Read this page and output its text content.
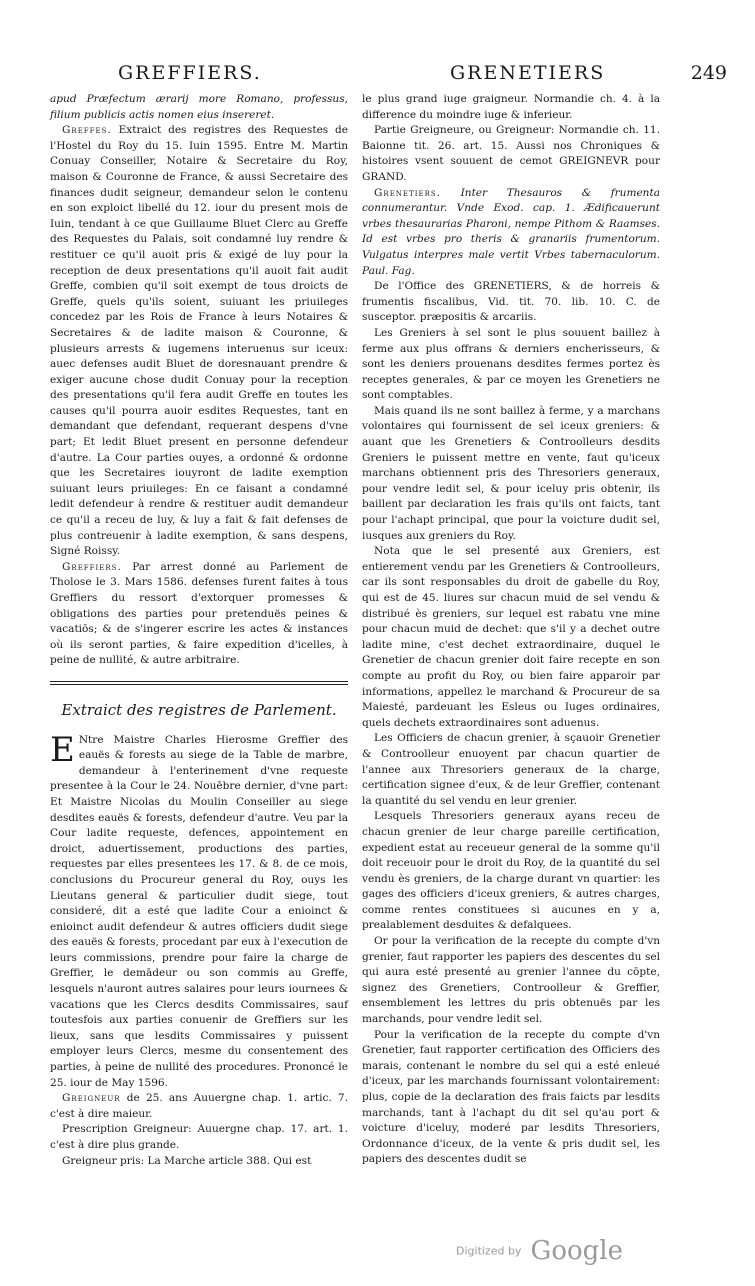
GREFFIERS.	GRENETIERS	249

apud Præfectum ærarij more Romano, professus, filium publicis actis nomen eius insereret.

Greffes. Extraict des registres des Requestes de l'Hostel du Roy du 15. Iuin 1595. Entre M. Martin Conuay Conseiller, Notaire & Secretaire du Roy, maison & Couronne de France, & aussi Secretaire des finances dudit seigneur, demandeur selon le contenu en son exploict libellé du 12. iour du present mois de Iuin, tendant à ce que Guillaume Bluet Clerc au Greffe des Requestes du Palais, soit condamné luy rendre & restituer ce qu'il auoit pris & exigé de luy pour la reception de deux presentations qu'il auoit fait audit Greffe, combien qu'il soit exempt de tous droicts de Greffe, quels qu'ils soient, suiuant les priuileges concedez par les Rois de France à leurs Notaires & Secretaires & de ladite maison & Couronne, & plusieurs arrests & iugemens interuenus sur iceux: auec defenses audit Bluet de doresnauant prendre & exiger aucune chose dudit Conuay pour la reception des presentations qu'il fera audit Greffe en toutes les causes qu'il pourra auoir esdites Requestes, tant en demandant que defendant, requerant despens d'vne part; Et ledit Bluet present en personne defendeur d'autre. La Cour parties ouyes, a ordonné & ordonne que les Secretaires iouyront de ladite exemption suiuant leurs priuileges: En ce faisant a condamné ledit defendeur à rendre & restituer audit demandeur ce qu'il a receu de luy, & luy a fait & fait defenses de plus contreuenir à ladite exemption, & sans despens, Signé Roissy.

Greffiers. Par arrest donné au Parlement de Tholose le 3. Mars 1586. defenses furent faites à tous Greffiers du ressort d'extorquer promesses & obligations des parties pour pretenduës peines & vacatiōs; & de s'ingerer escrire les actes & instances où ils seront parties, & faire expedition d'icelles, à peine de nullité, & autre arbitraire.

Extraict des registres de Parlement.

E Ntre Maistre Charles Hierosme Greffier des eauës & forests au siege de la Table de marbre, demandeur à l'enterinement d'vne requeste presentee à la Cour le 24. Nouēbre dernier, d'vne part: Et Maistre Nicolas du Moulin Conseiller au siege desdites eauës & forests, defendeur d'autre. Veu par la Cour ladite requeste, defences, appointement en droict, aduertissement, productions des parties, requestes par elles presentees les 17. & 8. de ce mois, conclusions du Procureur general du Roy, ouys les Lieutans general & particulier dudit siege, tout consideré, dit a esté que ladite Cour a enioinct & enioinct audit defendeur & autres officiers dudit siege des eauës & forests, procedant par eux à l'execution de leurs commissions, prendre pour faire la charge de Greffier, le demādeur ou son commis au Greffe, lesquels n'auront autres salaires pour leurs iournees & vacations que les Clercs desdits Commissaires, sauf toutesfois aux parties conuenir de Greffiers sur les lieux, sans que lesdits Commissaires y puissent employer leurs Clercs, mesme du consentement des parties, à peine de nullité des procedures. Prononcé le 25. iour de May 1596.

Greigneur de 25. ans Auuergne chap. 1. artic. 7. c'est à dire maieur.

Prescription Greigneur: Auuergne chap. 17. art. 1. c'est à dire plus grande.

Greigneur pris: La Marche article 388. Qui est

le plus grand iuge graigneur. Normandie ch. 4. à la difference du moindre iuge & inferieur.

Partie Greigneure, ou Greigneur: Normandie ch. 11. Baionne tit. 26. art. 15. Aussi nos Chroniques & histoires vsent souuent de cemot GREIGNEVR pour GRAND.

Grenetiers. Inter Thesauros & frumenta connumerantur. Vnde Exod. cap. 1. Ædificauerunt vrbes thesaurarias Pharoni, nempe Pithom & Raamses. Id est vrbes pro theris & granariis frumentorum. Vulgatus interpres male vertit Vrbes tabernaculorum. Paul. Fag.

De l'Office des GRENETIERS, & de horreis & frumentis fiscalibus, Vid. tit. 70. lib. 10. C. de susceptor. præpositis & arcariis.

Les Greniers à sel sont le plus souuent baillez à ferme aux plus offrans & derniers encherisseurs, & sont les deniers prouenans desdites fermes portez ès receptes generales, & par ce moyen les Grenetiers ne sont comptables.

Mais quand ils ne sont baillez à ferme, y a marchans volontaires qui fournissent de sel iceux greniers: & auant que les Grenetiers & Controolleurs desdits Greniers le puissent mettre en vente, faut qu'iceux marchans obtiennent pris des Thresoriers generaux, pour vendre ledit sel, & pour iceluy pris obtenir, ils baillent par declaration les frais qu'ils ont faicts, tant pour l'achapt principal, que pour la voicture dudit sel, iusques aux greniers du Roy.

Nota que le sel presenté aux Greniers, est entierement vendu par les Grenetiers & Controolleurs, car ils sont responsables du droit de gabelle du Roy, qui est de 45. liures sur chacun muid de sel vendu & distribué ès greniers, sur lequel est rabatu vne mine pour chacun muid de dechet: que s'il y a dechet outre ladite mine, c'est dechet extraordinaire, duquel le Grenetier de chacun grenier doit faire recepte en son compte au profit du Roy, ou bien faire apparoir par informations, appellez le marchand & Procureur de sa Maiesté, pardeuant les Esleus ou Iuges ordinaires, quels dechets extraordinaires sont aduenus.

Les Officiers de chacun grenier, à sçauoir Grenetier & Controolleur enuoyent par chacun quartier de l'annee aux Thresoriers generaux de la charge, certification signee d'eux, & de leur Greffier, contenant la quantité du sel vendu en leur grenier.

Lesquels Thresoriers generaux ayans receu de chacun grenier de leur charge pareille certification, expedient estat au receueur general de la somme qu'il doit receuoir pour le droit du Roy, de la quantité du sel vendu ès greniers, de la charge durant vn quartier: les gages des officiers d'iceux greniers, & autres charges, comme rentes constituees si aucunes en y a, prealablement desduites & defalquees.

Or pour la verification de la recepte du compte d'vn grenier, faut rapporter les papiers des descentes du sel qui aura esté presenté au grenier l'annee du cōpte, signez des Grenetiers, Controolleur & Greffier, ensemblement les lettres du pris obtenuës par les marchands, pour vendre ledit sel.

Pour la verification de la recepte du compte d'vn Grenetier, faut rapporter certification des Officiers des marais, contenant le nombre du sel qui a esté enleué d'iceux, par les marchands fournissant volontairement: plus, copie de la declaration des frais faicts par lesdits marchands, tant à l'achapt du dit sel qu'au port & voicture d'iceluy, moderé par lesdits Thresoriers, Ordonnance d'iceux, de la vente & pris dudit sel, les papiers des descentes dudit se

Digitized by Google
